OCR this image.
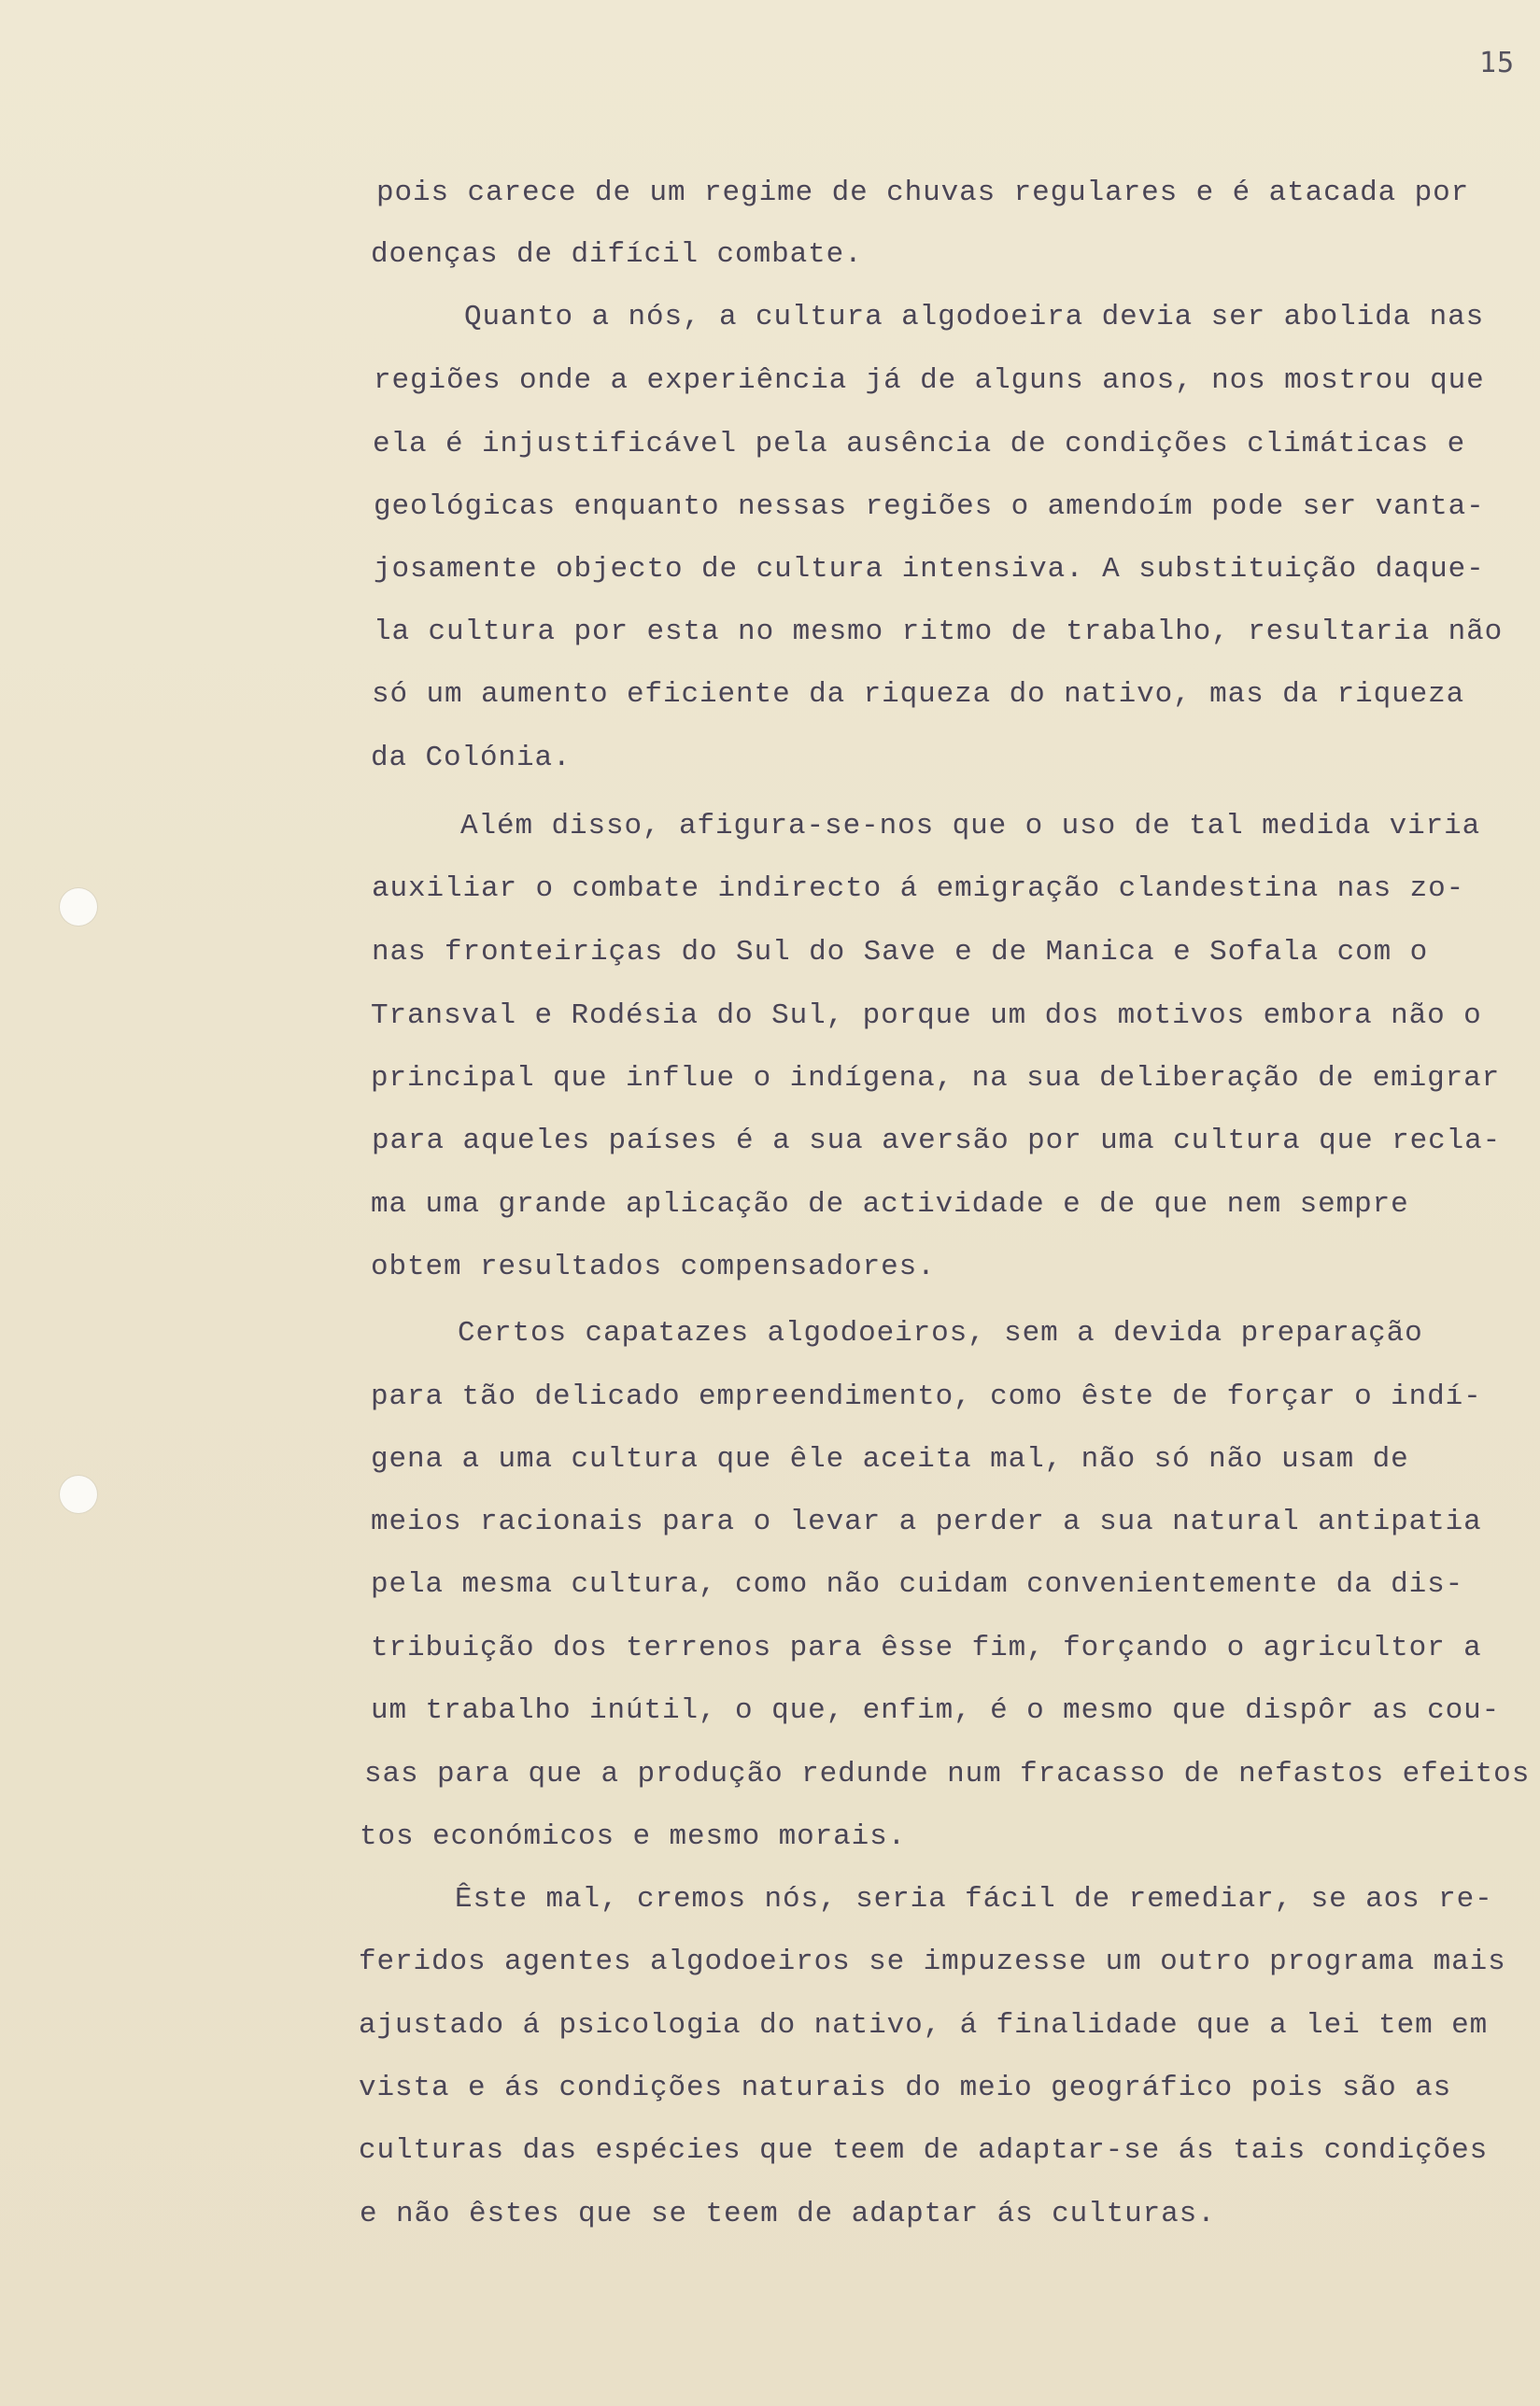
15

pois carece de um regime de chuvas regulares e é atacada por

doenças de difícil combate.

Quanto a nós, a cultura algodoeira devia ser abolida nas

regiões onde a experiência já de alguns anos, nos mostrou que

ela é injustificável pela ausência de condições climáticas e

geológicas enquanto nessas regiões o amendoím pode ser vanta-

josamente objecto de cultura intensiva. A substituição daque-

la cultura por esta no mesmo ritmo de trabalho, resultaria não

só um aumento eficiente da riqueza do nativo, mas da riqueza

da Colónia.

Além disso, afigura-se-nos que o uso de tal medida viria

auxiliar o combate indirecto á emigração clandestina nas zo-

nas fronteiriças do Sul do Save e de Manica e Sofala com o

Transval e Rodésia do Sul, porque um dos motivos embora não o

principal que influe o indígena, na sua deliberação de emigrar

para aqueles países é a sua aversão por uma cultura que recla-

ma uma grande aplicação de actividade e de que nem sempre

obtem resultados compensadores.

Certos capatazes algodoeiros, sem a devida preparação

para tão delicado empreendimento, como êste de forçar o indí-

gena a uma cultura que êle aceita mal, não só não usam de

meios racionais para o levar a perder a sua natural antipatia

pela mesma cultura, como não cuidam convenientemente da dis-

tribuição dos terrenos para êsse fim, forçando o agricultor a

um trabalho inútil, o que, enfim, é o mesmo que dispôr as cou-

sas para que a produção redunde num fracasso de nefastos efeitos

tos económicos e mesmo morais.

Êste mal, cremos nós, seria fácil de remediar, se aos re-

feridos agentes algodoeiros se impuzesse um outro programa mais

ajustado á psicologia do nativo, á finalidade que a lei tem em

vista e ás condições naturais do meio geográfico pois são as

culturas das espécies que teem de adaptar-se ás tais condições

e não êstes que se teem de adaptar ás culturas.
